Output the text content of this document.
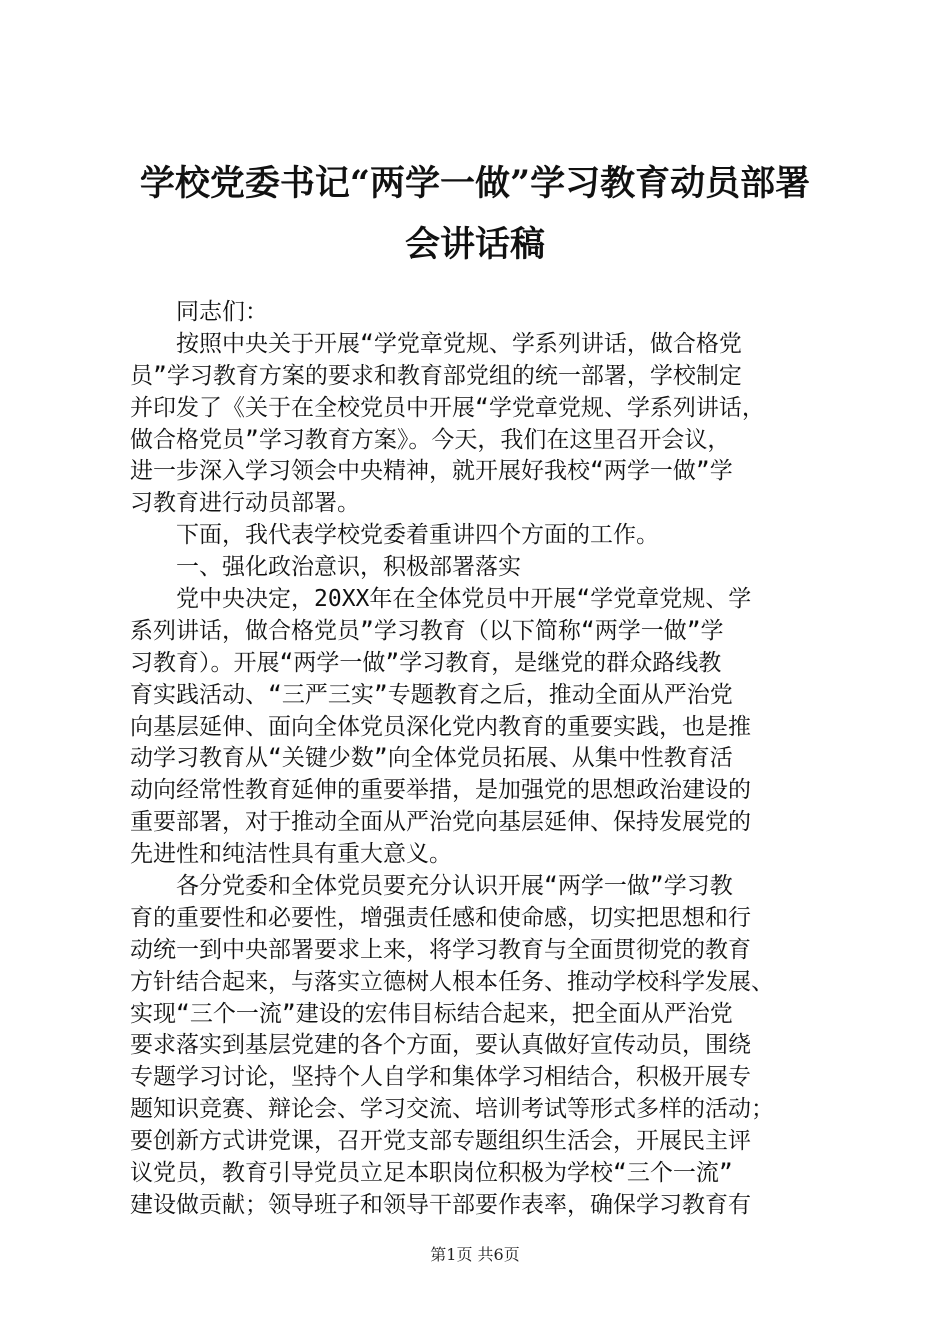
学校党委书记“两学一做”学习教育动员部署
会讲话稿
　　同志们：
　　按照中央关于开展“学党章党规、学系列讲话，做合格党
员”学习教育方案的要求和教育部党组的统一部署，学校制定
并印发了《关于在全校党员中开展“学党章党规、学系列讲话，
做合格党员”学习教育方案》。今天，我们在这里召开会议，
进一步深入学习领会中央精神，就开展好我校“两学一做”学
习教育进行动员部署。
　　下面，我代表学校党委着重讲四个方面的工作。
　　一、强化政治意识，积极部署落实
　　党中央决定，20XX年在全体党员中开展“学党章党规、学
系列讲话，做合格党员”学习教育（以下简称“两学一做”学
习教育）。开展“两学一做”学习教育，是继党的群众路线教
育实践活动、“三严三实”专题教育之后，推动全面从严治党
向基层延伸、面向全体党员深化党内教育的重要实践，也是推
动学习教育从“关键少数”向全体党员拓展、从集中性教育活
动向经常性教育延伸的重要举措，是加强党的思想政治建设的
重要部署，对于推动全面从严治党向基层延伸、保持发展党的
先进性和纯洁性具有重大意义。
　　各分党委和全体党员要充分认识开展“两学一做”学习教
育的重要性和必要性，增强责任感和使命感，切实把思想和行
动统一到中央部署要求上来，将学习教育与全面贯彻党的教育
方针结合起来，与落实立德树人根本任务、推动学校科学发展、
实现“三个一流”建设的宏伟目标结合起来，把全面从严治党
要求落实到基层党建的各个方面，要认真做好宣传动员，围绕
专题学习讨论，坚持个人自学和集体学习相结合，积极开展专
题知识竞赛、辩论会、学习交流、培训考试等形式多样的活动；
要创新方式讲党课，召开党支部专题组织生活会，开展民主评
议党员，教育引导党员立足本职岗位积极为学校“三个一流”
建设做贡献；领导班子和领导干部要作表率，确保学习教育有
第1页 共6页
